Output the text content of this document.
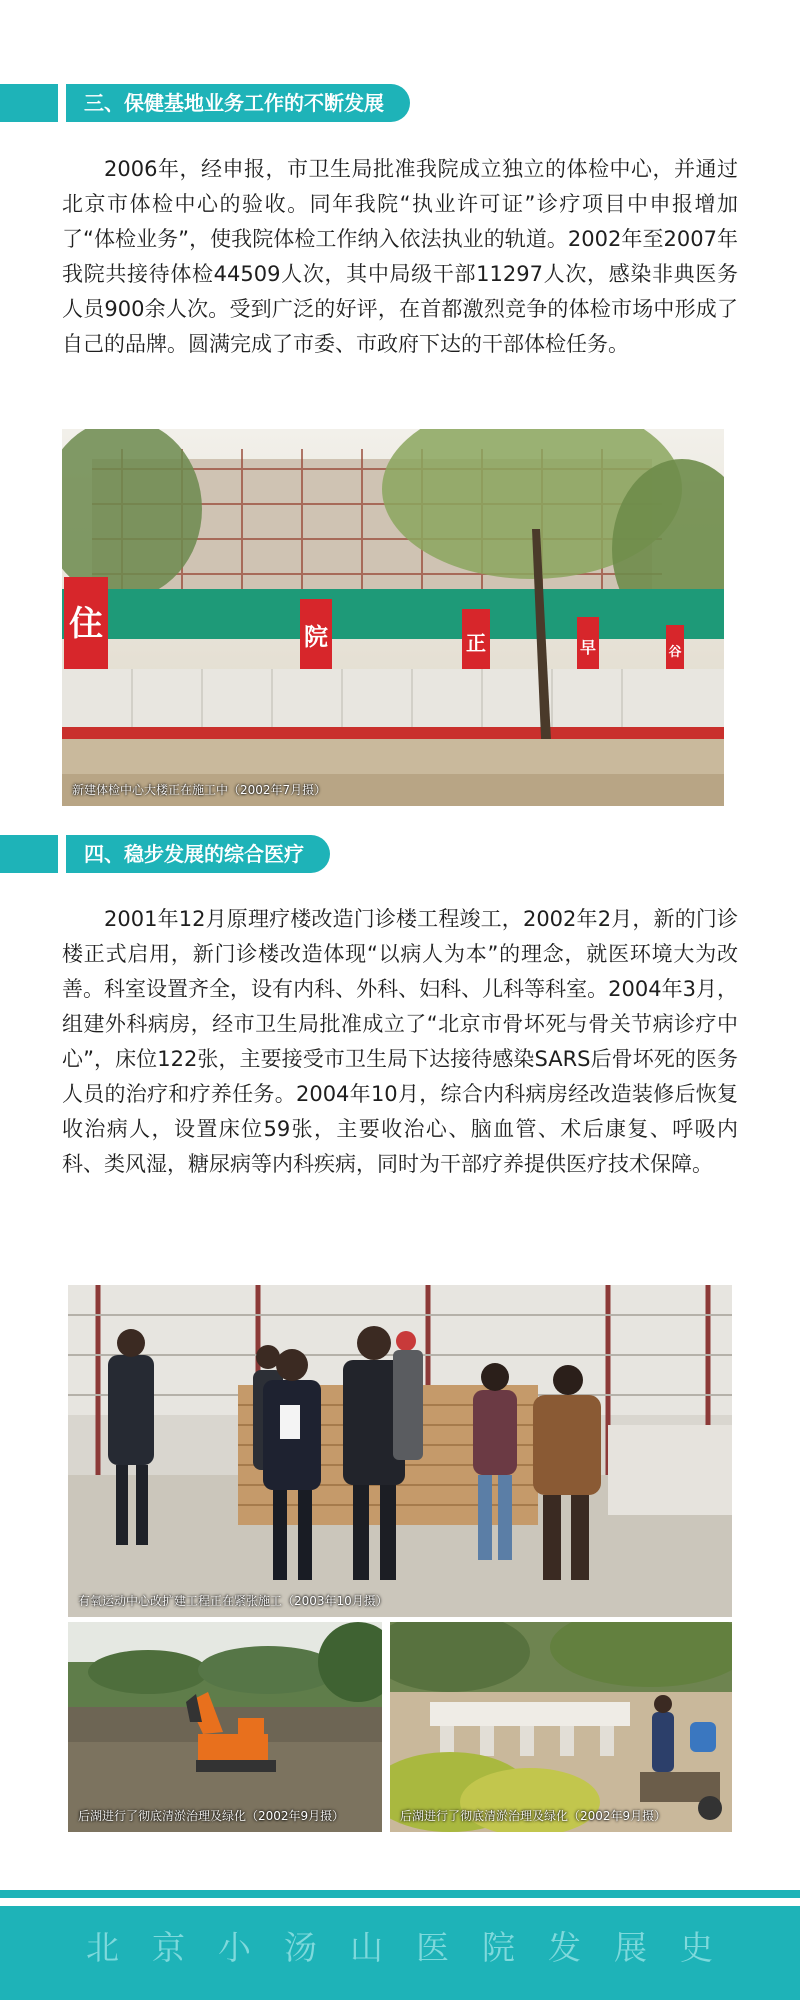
三、保健基地业务工作的不断发展
2006年，经申报，市卫生局批准我院成立独立的体检中心，并通过北京市体检中心的验收。同年我院“执业许可证”诊疗项目中申报增加了“体检业务”，使我院体检工作纳入依法执业的轨道。2002年至2007年我院共接待体检44509人次，其中局级干部11297人次，感染非典医务人员900余人次。受到广泛的好评，在首都激烈竞争的体检市场中形成了自己的品牌。圆满完成了市委、市政府下达的干部体检任务。
住	院	正	早	谷
新建体检中心大楼正在施工中（2002年7月摄）
四、稳步发展的综合医疗
2001年12月原理疗楼改造门诊楼工程竣工，2002年2月，新的门诊楼正式启用，新门诊楼改造体现“以病人为本”的理念，就医环境大为改善。科室设置齐全，设有内科、外科、妇科、儿科等科室。2004年3月，组建外科病房，经市卫生局批准成立了“北京市骨坏死与骨关节病诊疗中心”，床位122张，主要接受市卫生局下达接待感染SARS后骨坏死的医务人员的治疗和疗养任务。2004年10月，综合内科病房经改造装修后恢复收治病人，设置床位59张，主要收治心、脑血管、术后康复、呼吸内科、类风湿，糖尿病等内科疾病，同时为干部疗养提供医疗技术保障。
有氧运动中心改扩建工程正在紧张施工（2003年10月摄）
后湖进行了彻底清淤治理及绿化（2002年9月摄）	后湖进行了彻底清淤治理及绿化（2002年9月摄）
北京小汤山医院发展史
